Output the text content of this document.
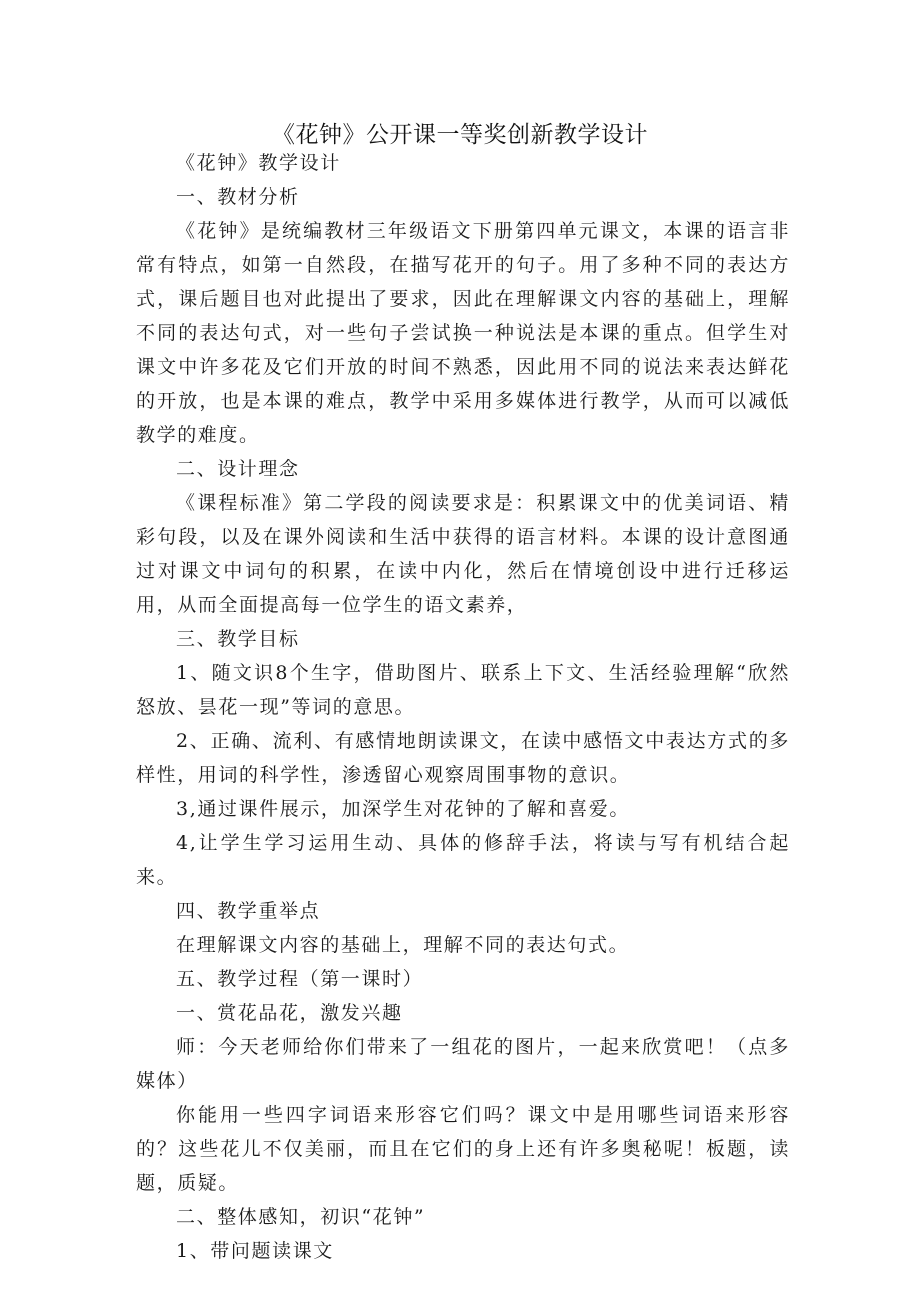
《花钟》公开课一等奖创新教学设计

《花钟》教学设计

一、教材分析

《花钟》是统编教材三年级语文下册第四单元课文，本课的语言非常有特点，如第一自然段，在描写花开的句子。用了多种不同的表达方式，课后题目也对此提出了要求，因此在理解课文内容的基础上，理解不同的表达句式，对一些句子尝试换一种说法是本课的重点。但学生对课文中许多花及它们开放的时间不熟悉，因此用不同的说法来表达鲜花的开放，也是本课的难点，教学中采用多媒体进行教学，从而可以减低教学的难度。

二、设计理念

《课程标准》第二学段的阅读要求是：积累课文中的优美词语、精彩句段，以及在课外阅读和生活中获得的语言材料。本课的设计意图通过对课文中词句的积累，在读中内化，然后在情境创设中进行迁移运用，从而全面提高每一位学生的语文素养，

三、教学目标

1、随文识8个生字，借助图片、联系上下文、生活经验理解“欣然怒放、昙花一现”等词的意思。

2、正确、流利、有感情地朗读课文，在读中感悟文中表达方式的多样性，用词的科学性，渗透留心观察周围事物的意识。

3,通过课件展示，加深学生对花钟的了解和喜爱。

4,让学生学习运用生动、具体的修辞手法，将读与写有机结合起来。

四、教学重举点

在理解课文内容的基础上，理解不同的表达句式。

五、教学过程（第一课时）

一、赏花品花，激发兴趣

师：今天老师给你们带来了一组花的图片，一起来欣赏吧！（点多媒体）

你能用一些四字词语来形容它们吗？课文中是用哪些词语来形容的？这些花儿不仅美丽，而且在它们的身上还有许多奥秘呢！板题，读题，质疑。

二、整体感知，初识“花钟”

1、带问题读课文
